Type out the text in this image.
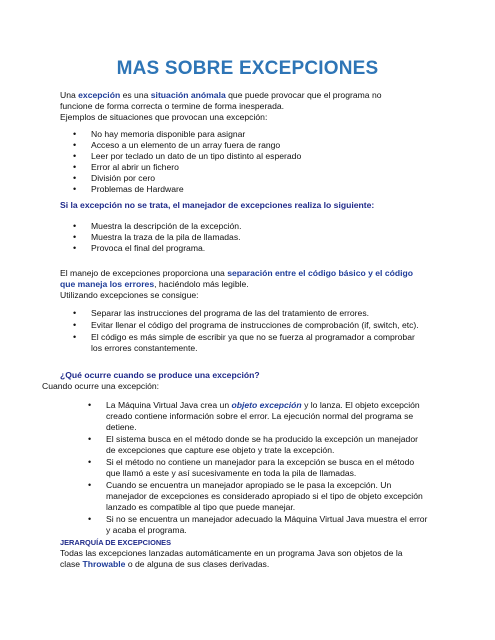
MAS SOBRE EXCEPCIONES

Una excepción es una situación anómala que puede provocar que el programa no funcione de forma correcta o termine de forma inesperada.
Ejemplos de situaciones que provocan una excepción:

• No hay memoria disponible para asignar
• Acceso a un elemento de un array fuera de rango
• Leer por teclado un dato de un tipo distinto al esperado
• Error al abrir un fichero
• División por cero
• Problemas de Hardware
Si la excepción no se trata, el manejador de excepciones realiza lo siguiente:
• Muestra la descripción de la excepción.
• Muestra la traza de la pila de llamadas.
• Provoca el final del programa.

El manejo de excepciones proporciona una separación entre el código básico y el código que maneja los errores, haciéndolo más legible.
Utilizando excepciones se consigue:

• Separar las instrucciones del programa de las del tratamiento de errores.
• Evitar llenar el código del programa de instrucciones de comprobación (if, switch, etc).
• El código es más simple de escribir ya que no se fuerza al programador a comprobar los errores constantemente.
¿Qué ocurre cuando se produce una excepción?
Cuando ocurre una excepción:
• La Máquina Virtual Java crea un objeto excepción y lo lanza. El objeto excepción creado contiene información sobre el error. La ejecución normal del programa se detiene.
• El sistema busca en el método donde se ha producido la excepción un manejador de excepciones que capture ese objeto y trate la excepción.
• Si el método no contiene un manejador para la excepción se busca en el método que llamó a este y así sucesivamente en toda la pila de llamadas.
• Cuando se encuentra un manejador apropiado se le pasa la excepción. Un manejador de excepciones es considerado apropiado si el tipo de objeto excepción lanzado es compatible al tipo que puede manejar.
• Si no se encuentra un manejador adecuado la Máquina Virtual Java muestra el error y acaba el programa.
JERARQUÍA DE EXCEPCIONES

Todas las excepciones lanzadas automáticamente en un programa Java son objetos de la clase Throwable o de alguna de sus clases derivadas.
